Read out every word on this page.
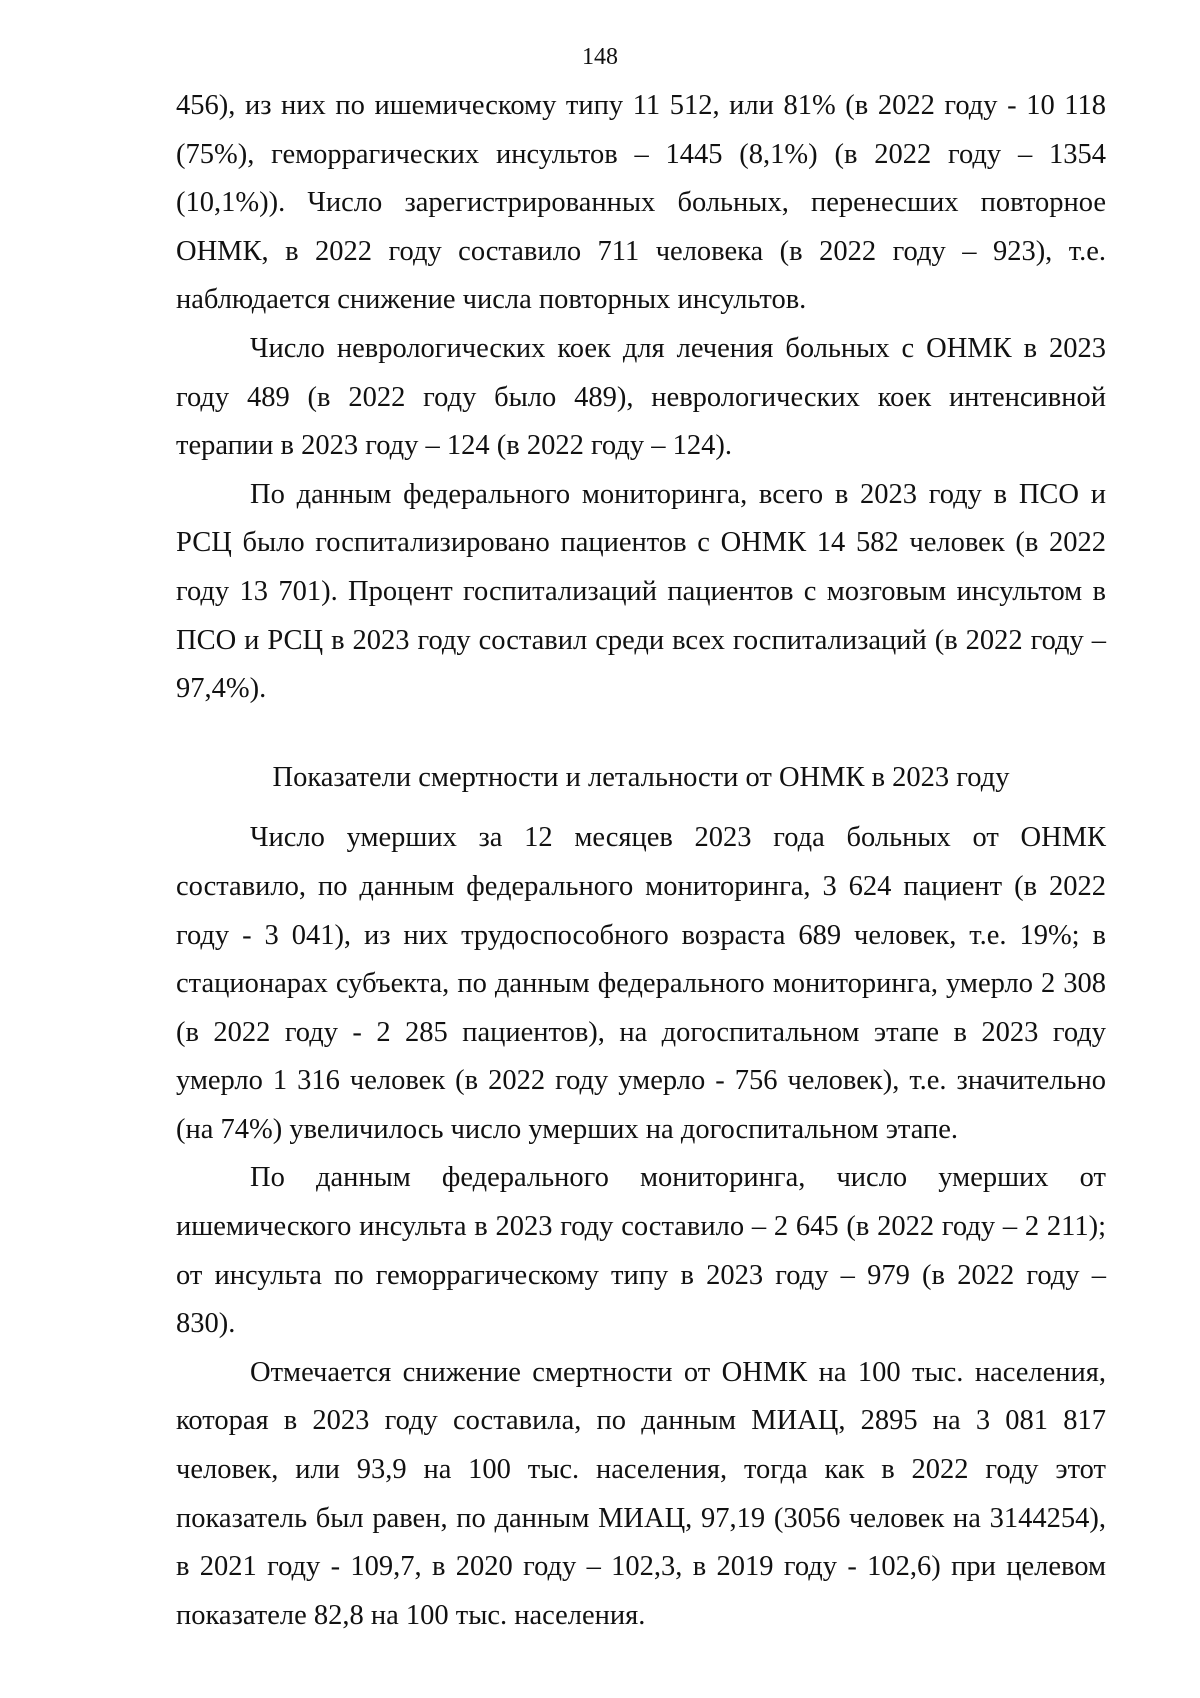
148

456), из них по ишемическому типу 11 512, или 81% (в 2022 году - 10 118 (75%), геморрагических инсультов – 1445 (8,1%) (в 2022 году – 1354 (10,1%)). Число зарегистрированных больных, перенесших повторное ОНМК, в 2022 году составило 711 человека (в 2022 году – 923), т.е. наблюдается снижение числа повторных инсультов.

Число неврологических коек для лечения больных с ОНМК в 2023 году 489 (в 2022 году было 489), неврологических коек интенсивной терапии в 2023 году – 124 (в 2022 году – 124).

По данным федерального мониторинга, всего в 2023 году в ПСО и РСЦ было госпитализировано пациентов с ОНМК 14 582 человек (в 2022 году 13 701). Процент госпитализаций пациентов с мозговым инсультом в ПСО и РСЦ в 2023 году составил среди всех госпитализаций (в 2022 году – 97,4%).

Показатели смертности и летальности от ОНМК в 2023 году

Число умерших за 12 месяцев 2023 года больных от ОНМК составило, по данным федерального мониторинга, 3 624 пациент (в 2022 году - 3 041), из них трудоспособного возраста 689 человек, т.е. 19%; в стационарах субъекта, по данным федерального мониторинга, умерло 2 308 (в 2022 году - 2 285 пациентов), на догоспитальном этапе в 2023 году умерло 1 316 человек (в 2022 году умерло - 756 человек), т.е. значительно (на 74%) увеличилось число умерших на догоспитальном этапе.

По данным федерального мониторинга, число умерших от ишемического инсульта в 2023 году составило – 2 645 (в 2022 году – 2 211); от инсульта по геморрагическому типу в 2023 году – 979 (в 2022 году – 830).

Отмечается снижение смертности от ОНМК на 100 тыс. населения, которая в 2023 году составила, по данным МИАЦ, 2895 на 3 081 817 человек, или 93,9 на 100 тыс. населения, тогда как в 2022 году этот показатель был равен, по данным МИАЦ, 97,19 (3056 человек на 3144254), в 2021 году - 109,7, в 2020 году – 102,3, в 2019 году - 102,6) при целевом показателе 82,8 на 100 тыс. населения.
